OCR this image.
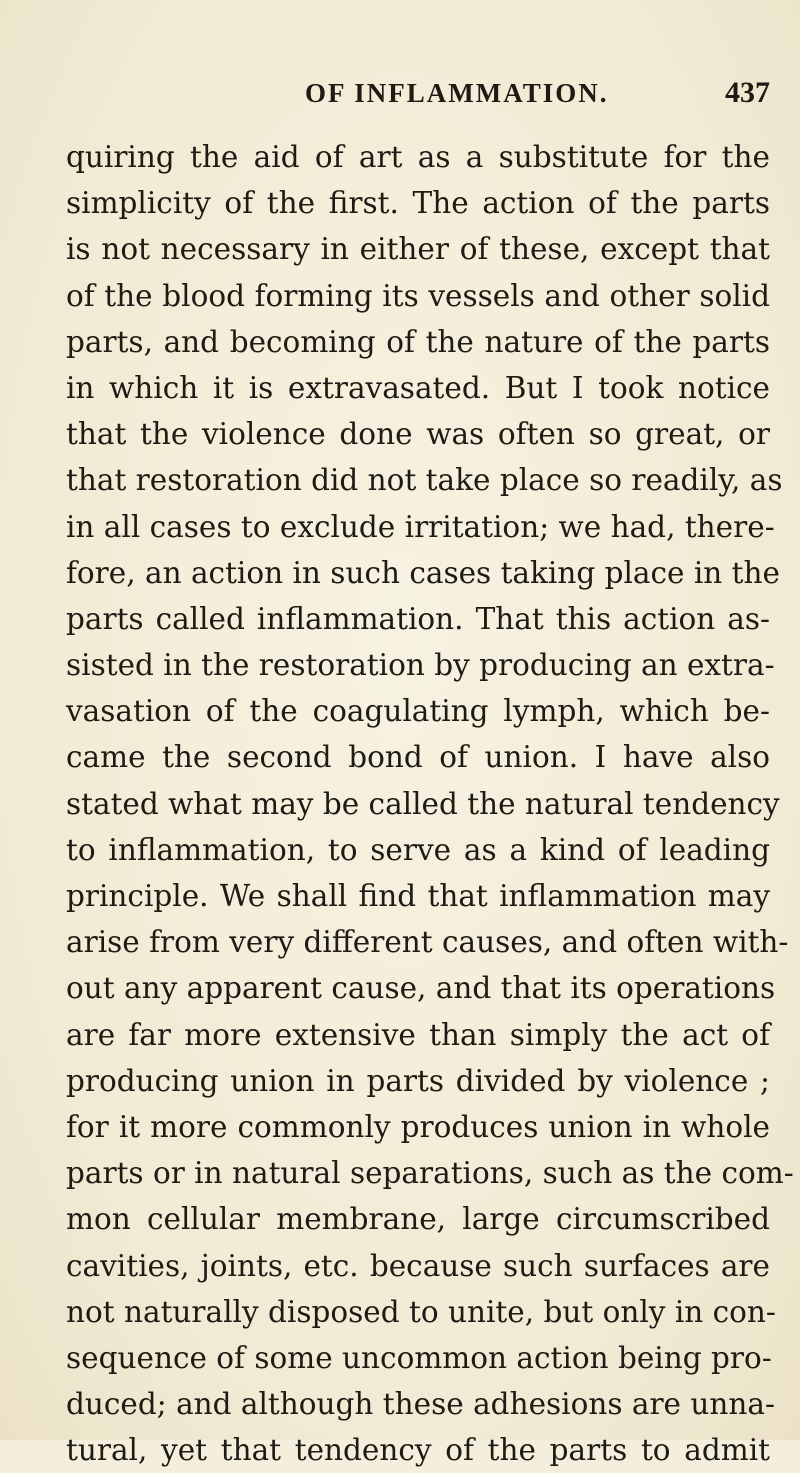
OF INFLAMMATION.	437
quiring the aid of art as a substitute for the
simplicity of the first. The action of the parts
is not necessary in either of these, except that
of the blood forming its vessels and other solid
parts, and becoming of the nature of the parts
in which it is extravasated. But I took notice
that the violence done was often so great, or
that restoration did not take place so readily, as
in all cases to exclude irritation; we had, there-
fore, an action in such cases taking place in the
parts called inflammation. That this action as-
sisted in the restoration by producing an extra-
vasation of the coagulating lymph, which be-
came the second bond of union. I have also
stated what may be called the natural tendency
to inflammation, to serve as a kind of leading
principle. We shall find that inflammation may
arise from very different causes, and often with-
out any apparent cause, and that its operations
are far more extensive than simply the act of
producing union in parts divided by violence ;
for it more commonly produces union in whole
parts or in natural separations, such as the com-
mon cellular membrane, large circumscribed
cavities, joints, etc. because such surfaces are
not naturally disposed to unite, but only in con-
sequence of some uncommon action being pro-
duced; and although these adhesions are unna-
tural, yet that tendency of the parts to admit
